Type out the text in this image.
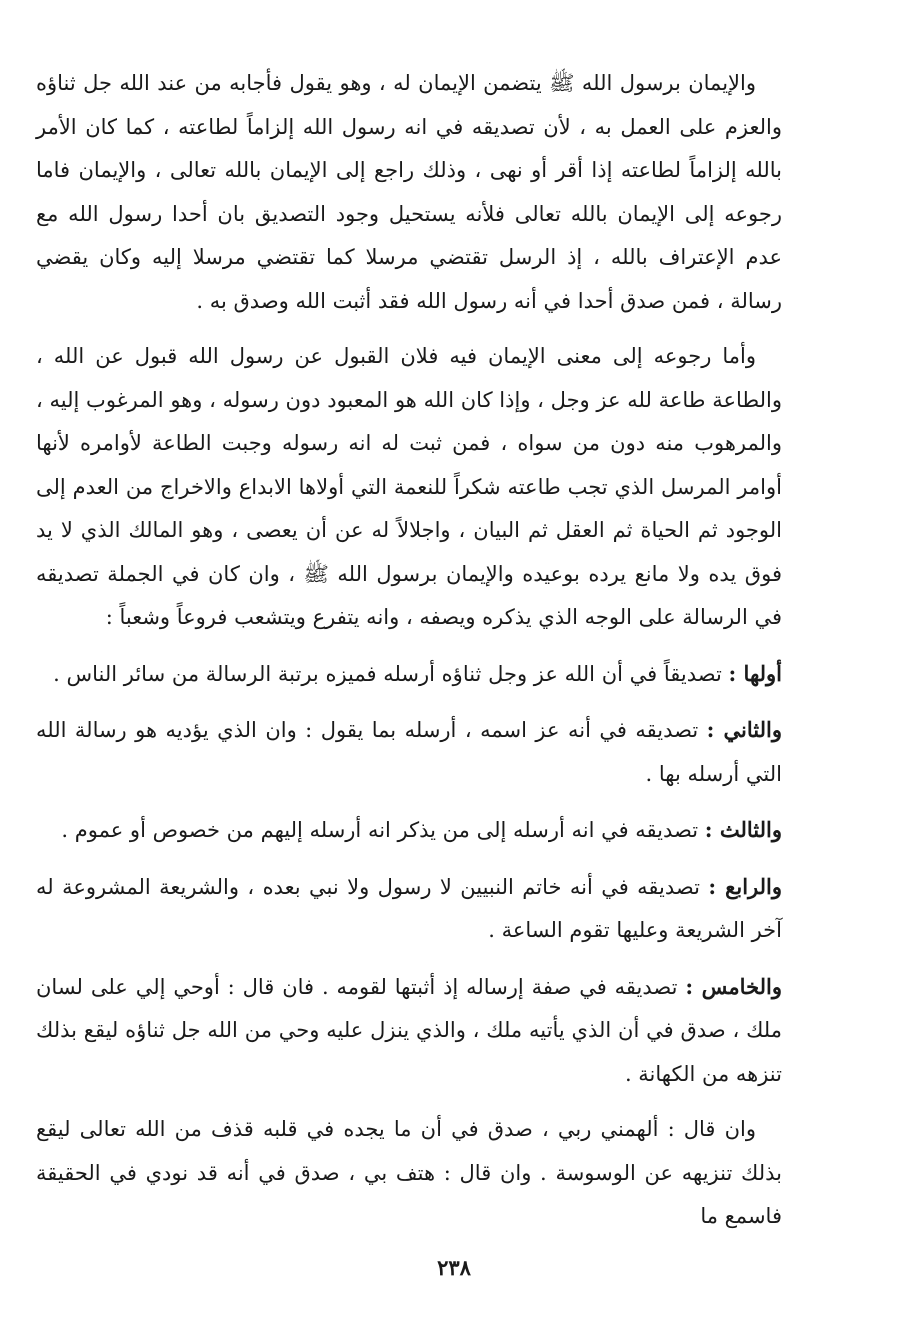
والإيمان برسول الله ﷺ يتضمن الإيمان له ، وهو يقول فأجابه من عند الله جل ثناؤه والعزم على العمل به ، لأن تصديقه في انه رسول الله إلزاماً لطاعته ، كما كان الأمر بالله إلزاماً لطاعته إذا أقر أو نهى ، وذلك راجع إلى الإيمان بالله تعالى ، والإيمان فاما رجوعه إلى الإيمان بالله تعالى فلأنه يستحيل وجود التصديق بان أحدا رسول الله مع عدم الإعتراف بالله ، إذ الرسل تقتضي مرسلا كما تقتضي مرسلا إليه وكان يقضي رسالة ، فمن صدق أحدا في أنه رسول الله فقد أثبت الله وصدق به .

وأما رجوعه إلى معنى الإيمان فيه فلان القبول عن رسول الله قبول عن الله ، والطاعة طاعة لله عز وجل ، وإذا كان الله هو المعبود دون رسوله ، وهو المرغوب إليه ، والمرهوب منه دون من سواه ، فمن ثبت له انه رسوله وجبت الطاعة لأوامره لأنها أوامر المرسل الذي تجب طاعته شكراً للنعمة التي أولاها الابداع والاخراج من العدم إلى الوجود ثم الحياة ثم العقل ثم البيان ، واجلالاً له عن أن يعصى ، وهو المالك الذي لا يد فوق يده ولا مانع يرده بوعيده والإيمان برسول الله ﷺ ، وان كان في الجملة تصديقه في الرسالة على الوجه الذي يذكره ويصفه ، وانه يتفرع ويتشعب فروعاً وشعباً :

أولها : تصديقاً في أن الله عز وجل ثناؤه أرسله فميزه برتبة الرسالة من سائر الناس .

والثاني : تصديقه في أنه عز اسمه ، أرسله بما يقول : وان الذي يؤديه هو رسالة الله التي أرسله بها .

والثالث : تصديقه في انه أرسله إلى من يذكر انه أرسله إليهم من خصوص أو عموم .

والرابع : تصديقه في أنه خاتم النبيين لا رسول ولا نبي بعده ، والشريعة المشروعة له آخر الشريعة وعليها تقوم الساعة .

والخامس : تصديقه في صفة إرساله إذ أثبتها لقومه . فان قال : أوحي إلي على لسان ملك ، صدق في أن الذي يأتيه ملك ، والذي ينزل عليه وحي من الله جل ثناؤه ليقع بذلك تنزهه من الكهانة .

وان قال : ألهمني ربي ، صدق في أن ما يجده في قلبه قذف من الله تعالى ليقع بذلك تنزيهه عن الوسوسة . وان قال : هتف بي ، صدق في أنه قد نودي في الحقيقة فاسمع ما

٢٣٨
